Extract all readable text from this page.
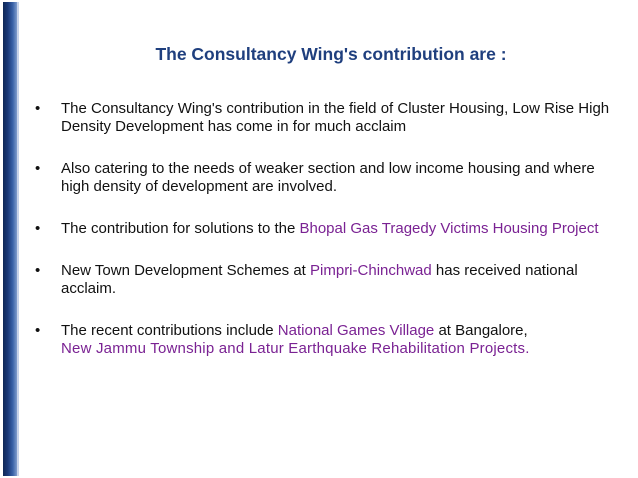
The Consultancy Wing's contribution are :
• The Consultancy Wing's contribution in the field of Cluster Housing, Low Rise High Density Development has come in for much acclaim
• Also catering to the needs of weaker section and low income housing and where high density of development are involved.
• The contribution for solutions to the Bhopal Gas Tragedy Victims Housing Project
• New Town Development Schemes at Pimpri-Chinchwad has received national acclaim.
• The recent contributions include National Games Village at Bangalore,
New Jammu Township and Latur Earthquake Rehabilitation Projects.
